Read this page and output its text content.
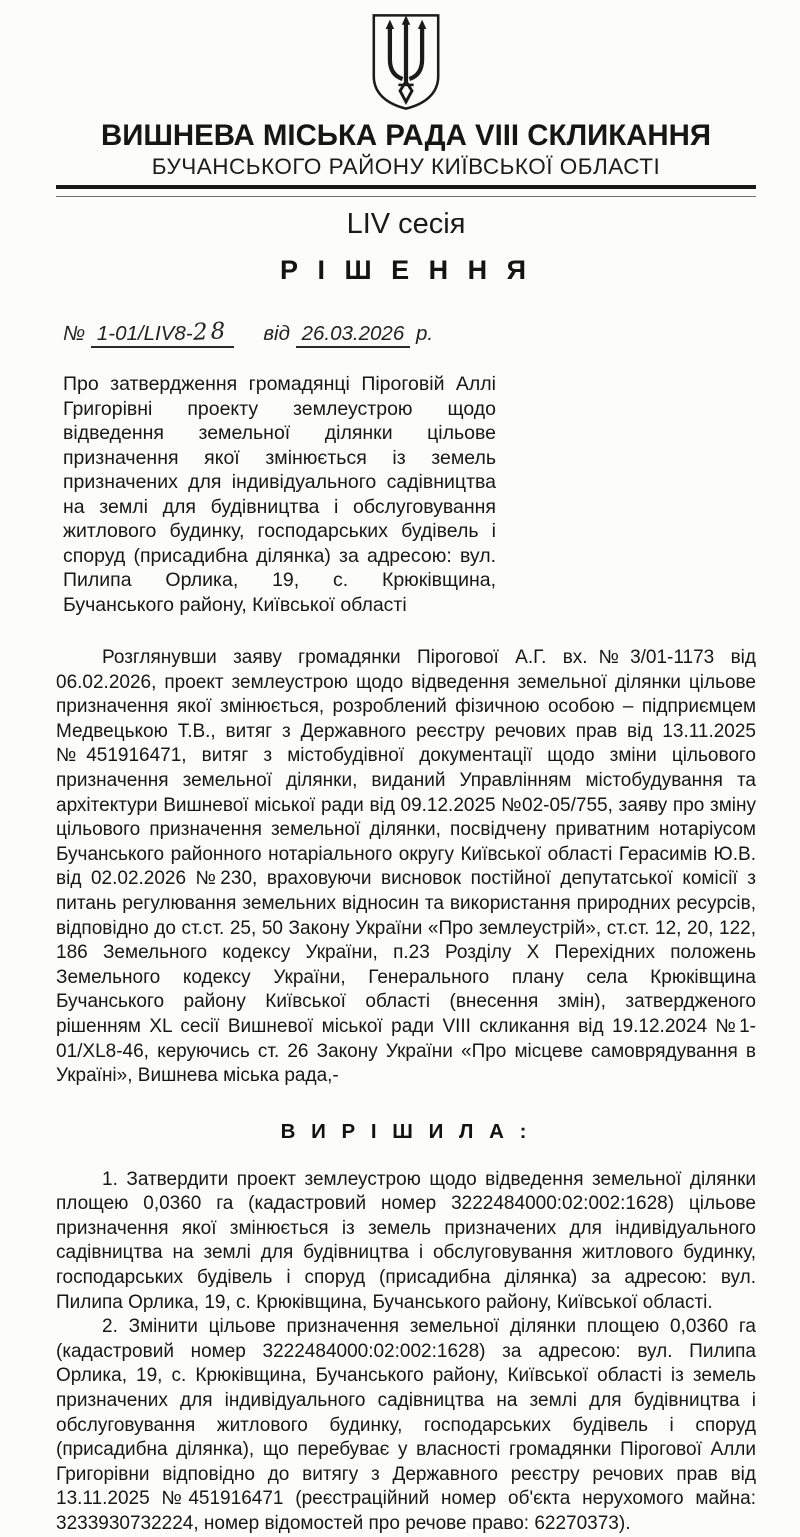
ВИШНЕВА МІСЬКА РАДА VIII СКЛИКАННЯ
БУЧАНСЬКОГО РАЙОНУ КИЇВСЬКОЇ ОБЛАСТІ
LIV сесія
Р І Ш Е Н Н Я
№ 1-01/LIV8-28 від 26.03.2026 р.
Про затвердження громадянці Піроговій Аллі Григорівні проекту землеустрою щодо відведення земельної ділянки цільове призначення якої змінюється із земель призначених для індивідуального садівництва на землі для будівництва і обслуговування житлового будинку, господарських будівель і споруд (присадибна ділянка) за адресою: вул. Пилипа Орлика, 19, с. Крюківщина, Бучанського району, Київської області
Розглянувши заяву громадянки Пірогової А.Г. вх.№3/01-1173 від 06.02.2026, проект землеустрою щодо відведення земельної ділянки цільове призначення якої змінюється, розроблений фізичною особою – підприємцем Медвецькою Т.В., витяг з Державного реєстру речових прав від 13.11.2025 №451916471, витяг з містобудівної документації щодо зміни цільового призначення земельної ділянки, виданий Управлінням містобудування та архітектури Вишневої міської ради від 09.12.2025 №02-05/755, заяву про зміну цільового призначення земельної ділянки, посвідчену приватним нотаріусом Бучанського районного нотаріального округу Київської області Герасимів Ю.В. від 02.02.2026 №230, враховуючи висновок постійної депутатської комісії з питань регулювання земельних відносин та використання природних ресурсів, відповідно до ст.ст. 25, 50 Закону України «Про землеустрій», ст.ст. 12, 20, 122, 186 Земельного кодексу України, п.23 Розділу X Перехідних положень Земельного кодексу України, Генерального плану села Крюківщина Бучанського району Київської області (внесення змін), затвердженого рішенням XL сесії Вишневої міської ради VIII скликання від 19.12.2024 №1-01/XL8-46, керуючись ст. 26 Закону України «Про місцеве самоврядування в Україні», Вишнева міська рада,-
В И Р І Ш И Л А :

1. Затвердити проект землеустрою щодо відведення земельної ділянки площею 0,0360 га (кадастровий номер 3222484000:02:002:1628) цільове призначення якої змінюється із земель призначених для індивідуального садівництва на землі для будівництва і обслуговування житлового будинку, господарських будівель і споруд (присадибна ділянка) за адресою: вул. Пилипа Орлика, 19, с. Крюківщина, Бучанського району, Київської області.

2. Змінити цільове призначення земельної ділянки площею 0,0360 га (кадастровий номер 3222484000:02:002:1628) за адресою: вул. Пилипа Орлика, 19, с. Крюківщина, Бучанського району, Київської області із земель призначених для індивідуального садівництва на землі для будівництва і обслуговування житлового будинку, господарських будівель і споруд (присадибна ділянка), що перебуває у власності громадянки Пірогової Алли Григорівни відповідно до витягу з Державного реєстру речових прав від 13.11.2025 №451916471 (реєстраційний номер об'єкта нерухомого майна: 3233930732224, номер відомостей про речове право: 62270373).
